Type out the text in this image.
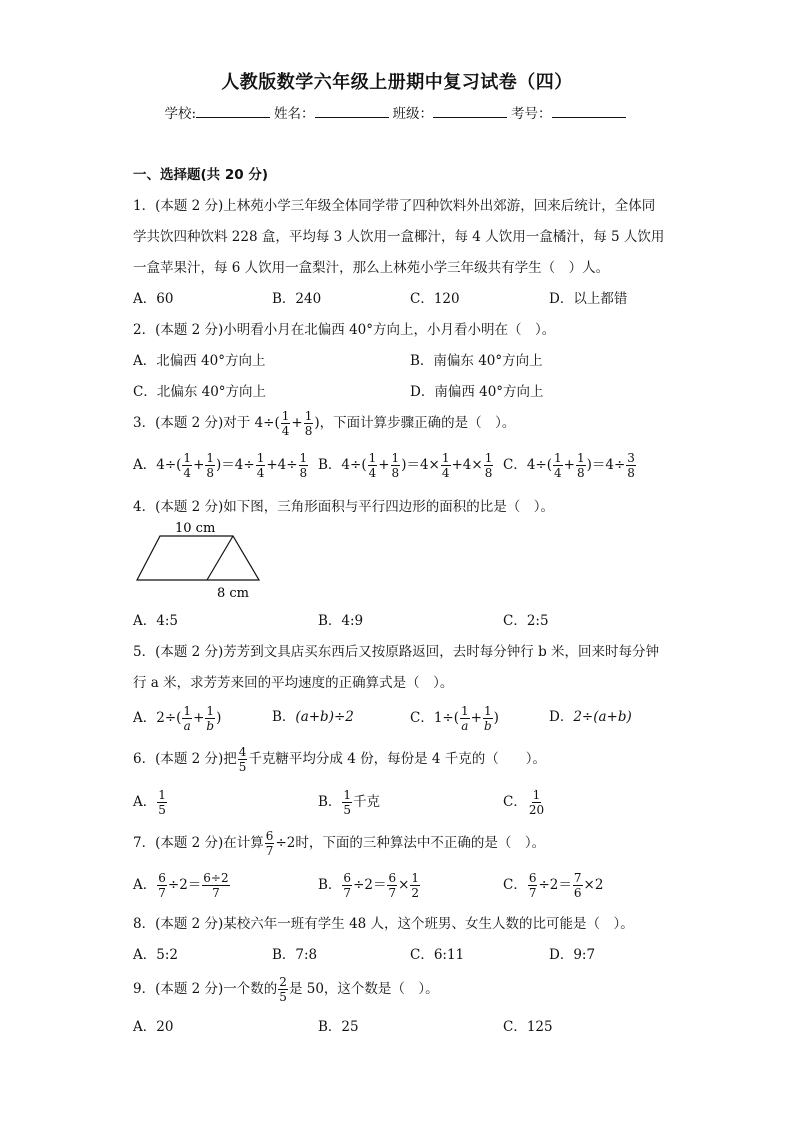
人教版数学六年级上册期中复习试卷（四）
学校:	姓名：	班级：	考号：
一、选择题(共 20 分)
1．(本题 2 分)上林苑小学三年级全体同学带了四种饮料外出郊游，回来后统计，全体同
学共饮四种饮料 228 盒，平均每 3 人饮用一盒椰汁，每 4 人饮用一盒橘汁，每 5 人饮用
一盒苹果汁，每 6 人饮用一盒梨汁，那么上林苑小学三年级共有学生（　）人。
A．60	B．240	C．120	D．以上都错
2．(本题 2 分)小明看小月在北偏西 40°方向上，小月看小明在（　）。
A．北偏西 40°方向上	B．南偏东 40°方向上
C．北偏东 40°方向上	D．南偏西 40°方向上
3．(本题 2 分)对于 $4\div( \frac{1}{4} + \frac{1}{8}$ )，下面计算步骤正确的是（　）。
A．$4\div( \frac{1}{4} + \frac{1}{8} )=4\div \frac{1}{4} +4\div \frac{1}{8}$ B．$4\div( \frac{1}{4} + \frac{1}{8} )=4\times \frac{1}{4} +4\times \frac{1}{8}$ C．$4\div( \frac{1}{4} + \frac{1}{8} )=4\div \frac{3}{8}$
4．(本题 2 分)如下图，三角形面积与平行四边形的面积的比是（　）。
10 cm
8 cm
A．4:5	B．4:9	C．2:5
5．(本题 2 分)芳芳到文具店买东西后又按原路返回，去时每分钟行 b 米，回来时每分钟
行 a 米，求芳芳来回的平均速度的正确算式是（　）。
A．$2\div( \frac{1}{a} + \frac{1}{b}$ )	B．(a+b)÷2	C．$1\div( \frac{1}{a} + \frac{1}{b}$ )	D．2÷(a+b)
6．(本题 2 分)把 $\frac{4}{5}$ 千克糖平均分成 4 份，每份是 4 千克的（　　）。
A． $\frac{1}{5}$	B． $\frac{1}{5}$ 千克	C． $\frac{1}{20}$
7．(本题 2 分)在计算 $\frac{6}{7} \div 2$时，下面的三种算法中不正确的是（　）。
A． $\frac{6}{7} \div 2= \frac{6\div 2}{7}$	B． $\frac{6}{7} \div 2= \frac{6}{7} \times \frac{1}{2}$	C． $\frac{6}{7} \div 2= \frac{7}{6} \times 2$
8．(本题 2 分)某校六年一班有学生 48 人，这个班男、女生人数的比可能是（　）。
A．5:2	B．7:8	C．6:11	D．9:7
9．(本题 2 分)一个数的 $\frac{2}{5}$ 是 50，这个数是（　）。
A．20	B．25	C．125
